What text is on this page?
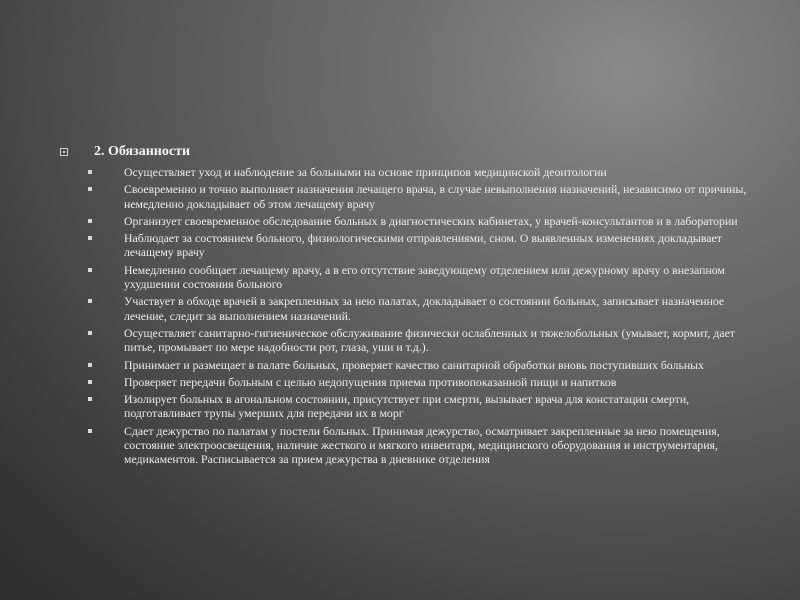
2. Обязанности
Осуществляет уход и наблюдение за больными на основе принципов медицинской деонтологии
Своевременно и точно выполняет назначения лечащего врача, в случае невыполнения назначений, независимо от причины, немедленно докладывает об этом лечащему врачу
Организует своевременное обследование больных в диагностических кабинетах, у врачей-консультантов и в лаборатории
Наблюдает за состоянием больного, физиологическими отправлениями, сном. О выявленных изменениях докладывает лечащему врачу
Немедленно сообщает лечащему врачу, а в его отсутствие заведующему отделением или дежурному врачу о внезапном ухудшении состояния больного
Участвует в обходе врачей в закрепленных за нею палатах, докладывает о состоянии больных, записывает назначенное лечение, следит за выполнением назначений.
Осуществляет санитарно-гигиеническое обслуживание физически ослабленных и тяжелобольных (умывает, кормит, дает питье, промывает по мере надобности рот, глаза, уши и т.д.).
Принимает и размещает в палате больных, проверяет качество санитарной обработки вновь поступивших больных
Проверяет передачи больным с целью недопущения приема противопоказанной пищи и напитков
Изолирует больных в агональном состоянии, присутствует при смерти, вызывает врача для констатации смерти, подготавливает трупы умерших для передачи их в морг
Сдает дежурство по палатам у постели больных. Принимая дежурство, осматривает закрепленные за нею помещения, состояние электроосвещения, наличие жесткого и мягкого инвентаря, медицинского оборудования и инструментария, медикаментов. Расписывается за прием дежурства в дневнике отделения
